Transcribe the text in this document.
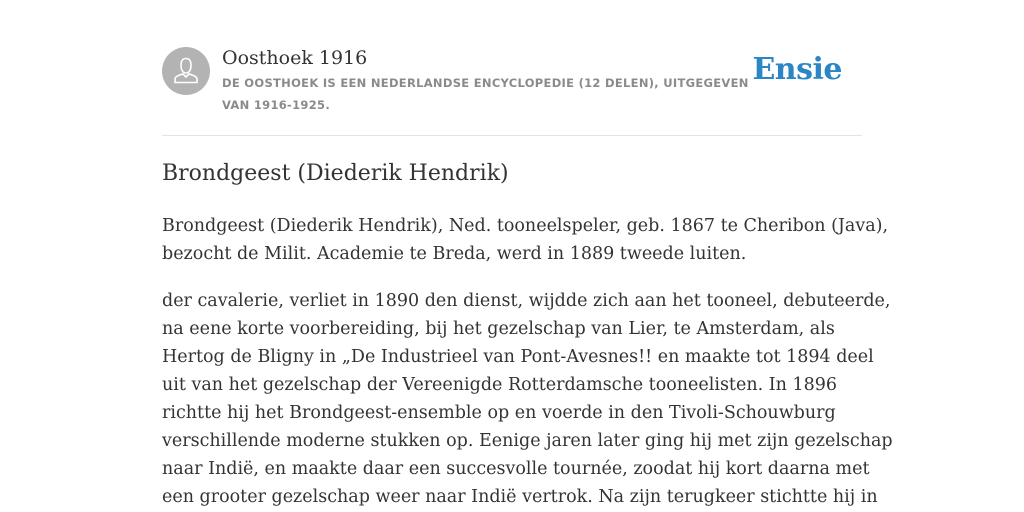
Oosthoek 1916
DE OOSTHOEK IS EEN NEDERLANDSE ENCYCLOPEDIE (12 DELEN), UITGEGEVEN VAN 1916-1925.
Ensie
Brondgeest (Diederik Hendrik)

Brondgeest (Diederik Hendrik), Ned. tooneelspeler, geb. 1867 te Cheribon (Java),
bezocht de Milit. Academie te Breda, werd in 1889 tweede luiten.

der cavalerie, verliet in 1890 den dienst, wijdde zich aan het tooneel, debuteerde,
na eene korte voorbereiding, bij het gezelschap van Lier, te Amsterdam, als
Hertog de Bligny in „De Industrieel van Pont-Avesnes!! en maakte tot 1894 deel
uit van het gezelschap der Vereenigde Rotterdamsche tooneelisten. In 1896
richtte hij het Brondgeest-ensemble op en voerde in den Tivoli-Schouwburg
verschillende moderne stukken op. Eenige jaren later ging hij met zijn gezelschap
naar Indië, en maakte daar een succesvolle tournée, zoodat hij kort daarna met
een grooter gezelschap weer naar Indië vertrok. Na zijn terugkeer stichtte hij in
